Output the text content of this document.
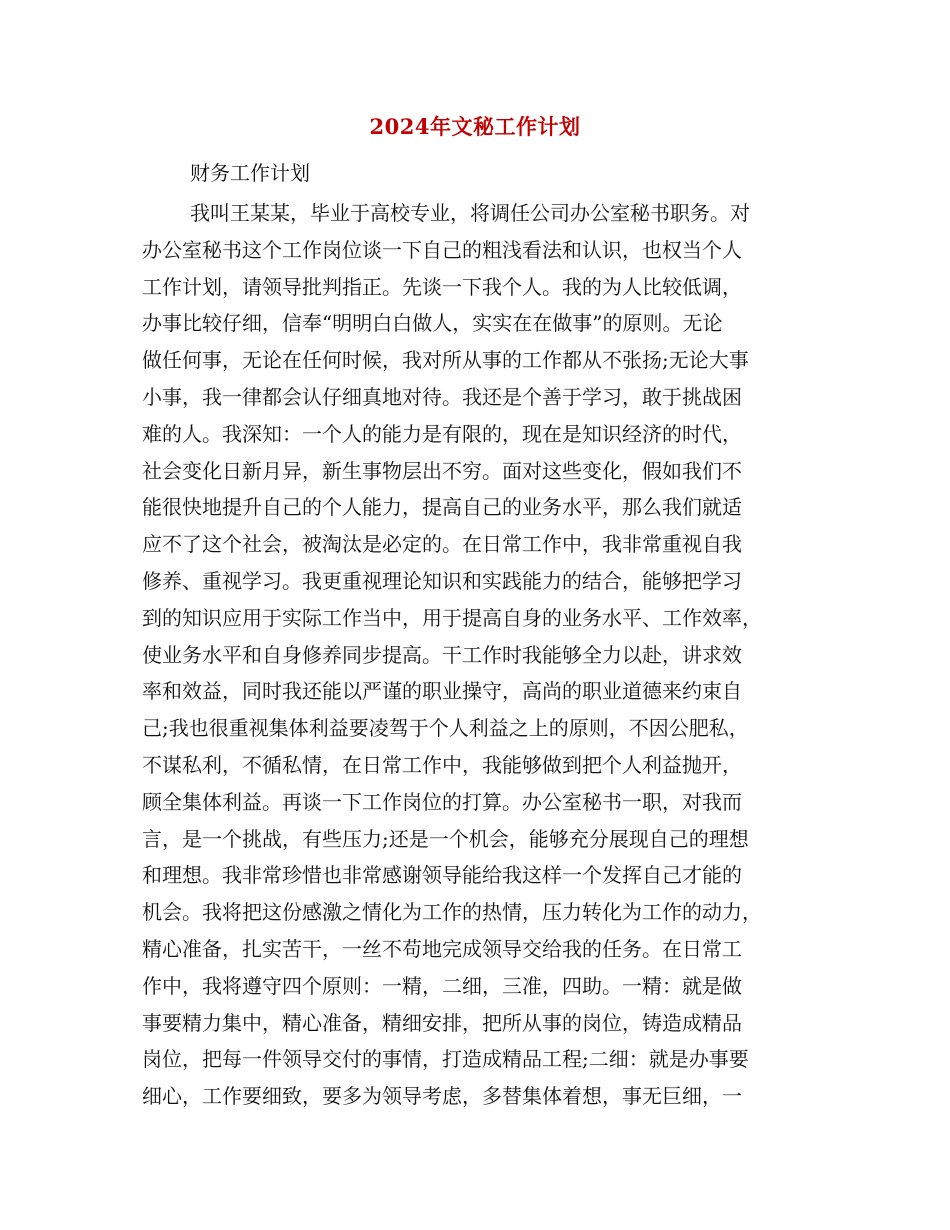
2024年文秘工作计划
财务工作计划
我叫王某某，毕业于高校专业，将调任公司办公室秘书职务。对
办公室秘书这个工作岗位谈一下自己的粗浅看法和认识，也权当个人
工作计划，请领导批判指正。先谈一下我个人。我的为人比较低调，
办事比较仔细，信奉“明明白白做人，实实在在做事”的原则。无论
做任何事，无论在任何时候，我对所从事的工作都从不张扬;无论大事
小事，我一律都会认仔细真地对待。我还是个善于学习，敢于挑战困
难的人。我深知：一个人的能力是有限的，现在是知识经济的时代，
社会变化日新月异，新生事物层出不穷。面对这些变化，假如我们不
能很快地提升自己的个人能力，提高自己的业务水平，那么我们就适
应不了这个社会，被淘汰是必定的。在日常工作中，我非常重视自我
修养、重视学习。我更重视理论知识和实践能力的结合，能够把学习
到的知识应用于实际工作当中，用于提高自身的业务水平、工作效率，
使业务水平和自身修养同步提高。干工作时我能够全力以赴，讲求效
率和效益，同时我还能以严谨的职业操守，高尚的职业道德来约束自
己;我也很重视集体利益要凌驾于个人利益之上的原则，不因公肥私，
不谋私利，不循私情，在日常工作中，我能够做到把个人利益抛开，
顾全集体利益。再谈一下工作岗位的打算。办公室秘书一职，对我而
言，是一个挑战，有些压力;还是一个机会，能够充分展现自己的理想
和理想。我非常珍惜也非常感谢领导能给我这样一个发挥自己才能的
机会。我将把这份感激之情化为工作的热情，压力转化为工作的动力，
精心准备，扎实苦干，一丝不苟地完成领导交给我的任务。在日常工
作中，我将遵守四个原则：一精，二细，三准，四助。一精：就是做
事要精力集中，精心准备，精细安排，把所从事的岗位，铸造成精品
岗位，把每一件领导交付的事情，打造成精品工程;二细：就是办事要
细心，工作要细致，要多为领导考虑，多替集体着想，事无巨细，一
